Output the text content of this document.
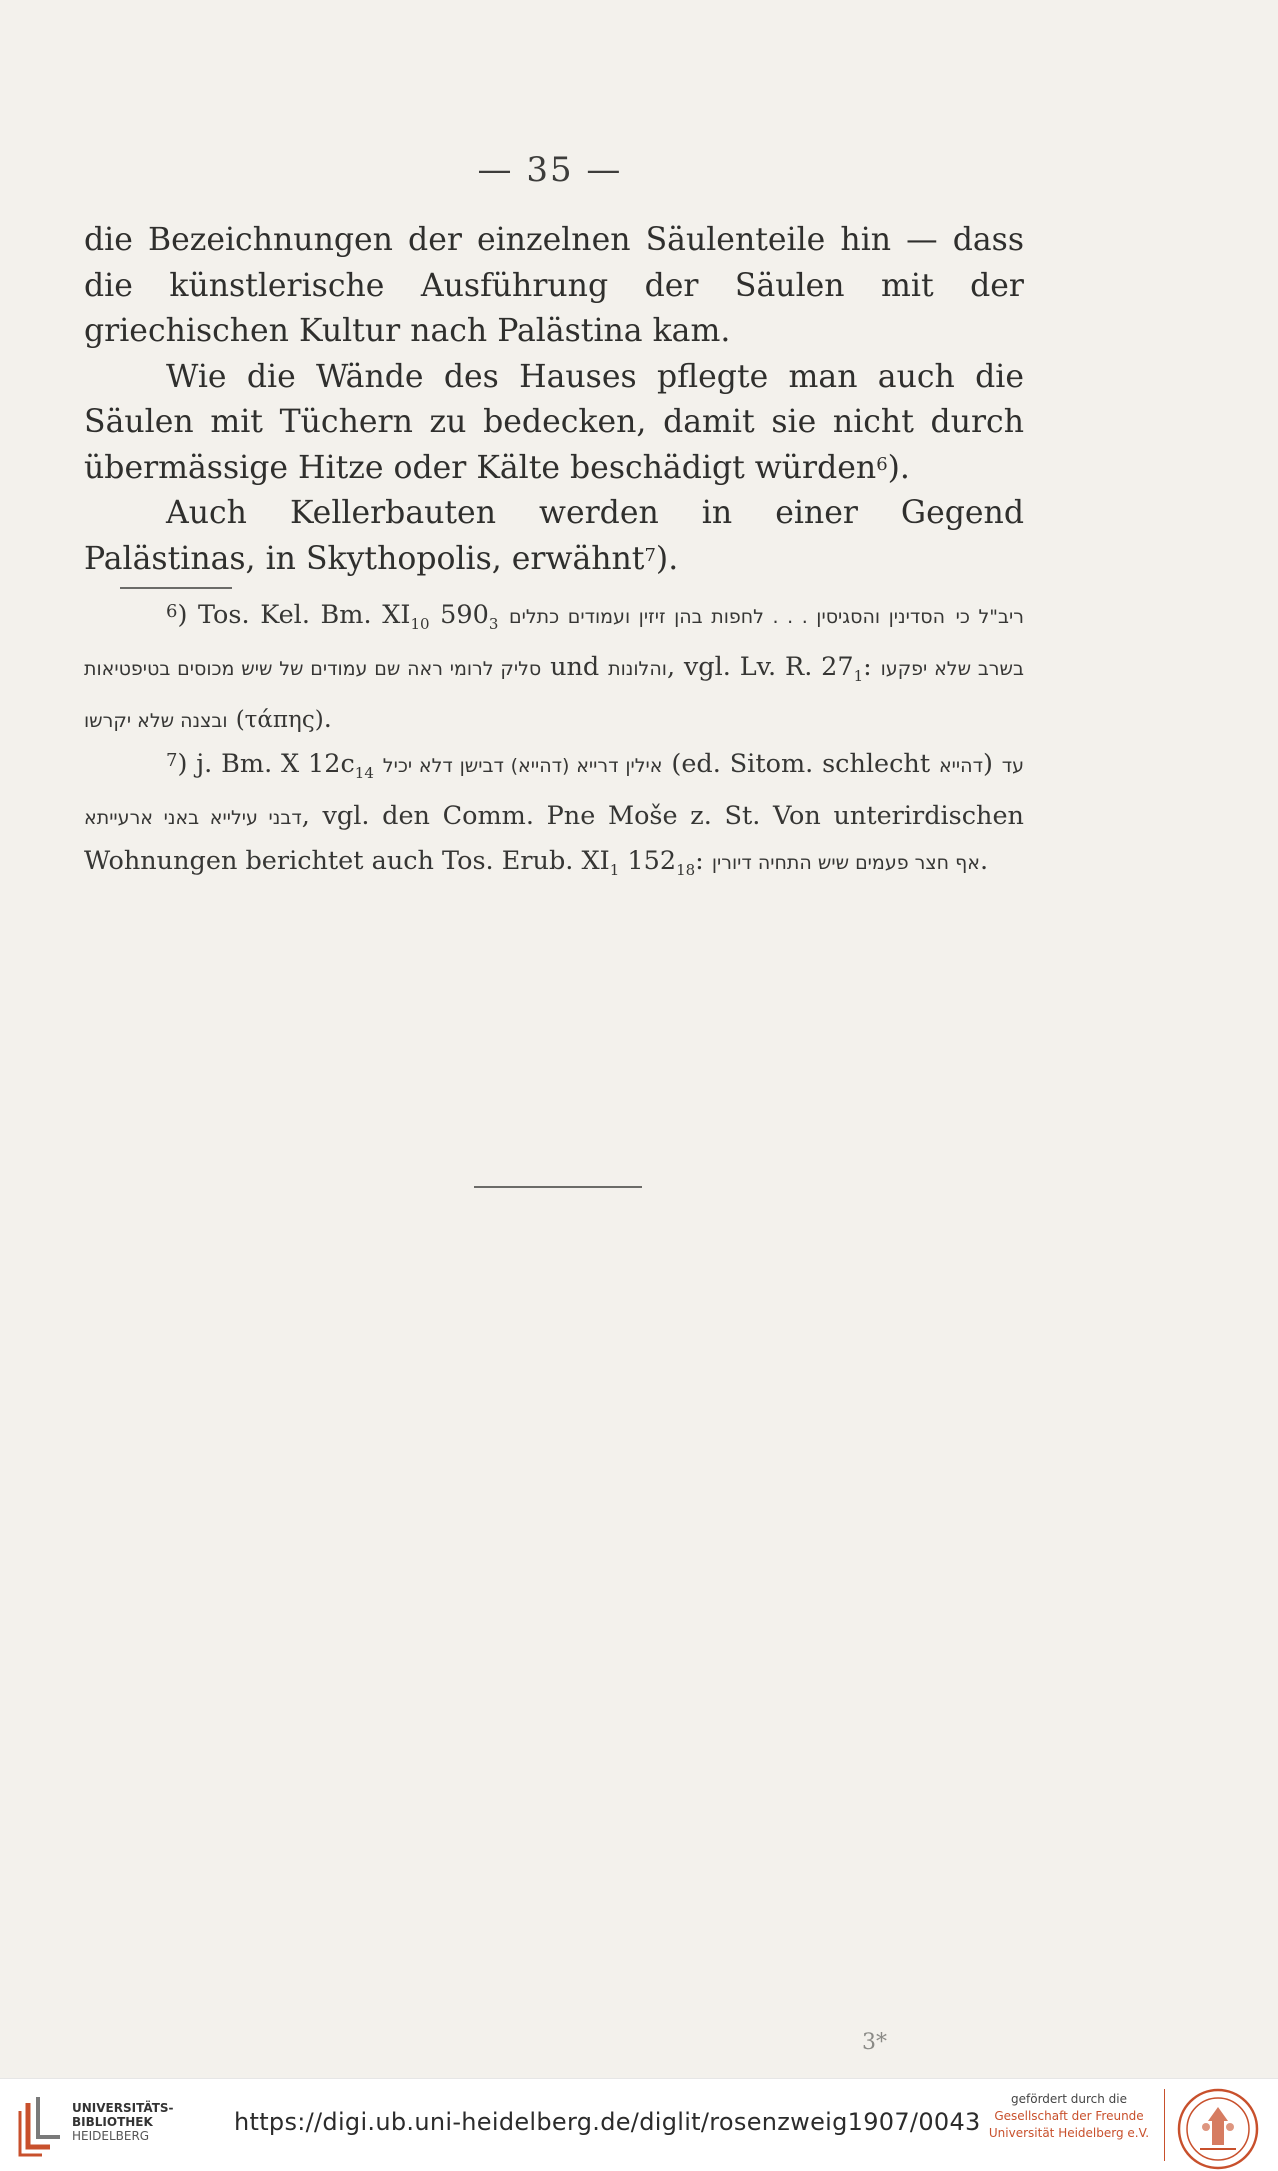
— 35 —

die Bezeichnungen der einzelnen Säulenteile hin — dass die künstlerische Ausführung der Säulen mit der griechischen Kultur nach Palästina kam.

Wie die Wände des Hauses pflegte man auch die Säulen mit Tüchern zu bedecken, damit sie nicht durch übermässige Hitze oder Kälte beschädigt würden$^6$).

Auch Kellerbauten werden in einer Gegend Palästinas, in Skythopolis, erwähnt$^7$).

$^6$) Tos. Kel. Bm. $XI_{10}$ $590_3$ הסדינין והסגיסין . . . לחפות בהן זיזין ועמודים כתלים ריב"ל כי סליק לרומי ראה שם עמודים של שיש מכוסים בטיפטיאות und והלונות, vgl. Lv. R. $27_1$: בשרב שלא יפקעו ובצנה שלא יקרשו (τάπης).

$^7$) j. Bm. X $12c_{14}$ אילין דרייא (דהייא) דבישן דלא יכיל (ed. Sitom. schlecht דהייא) עד דבני עילייא באני ארעייתא, vgl. den Comm. Pne Moše z. St. Von unterirdischen Wohnungen berichtet auch Tos. Erub. $XI_1$ $152_{18}$: אף חצר פעמים שיש התחיה דיורין.

3*
UNIVERSITÄTS-
BIBLIOTHEK
HEIDELBERG	https://digi.ub.uni-heidelberg.de/diglit/rosenzweig1907/0043
gefördert durch die
Gesellschaft der Freunde
Universität Heidelberg e.V.
